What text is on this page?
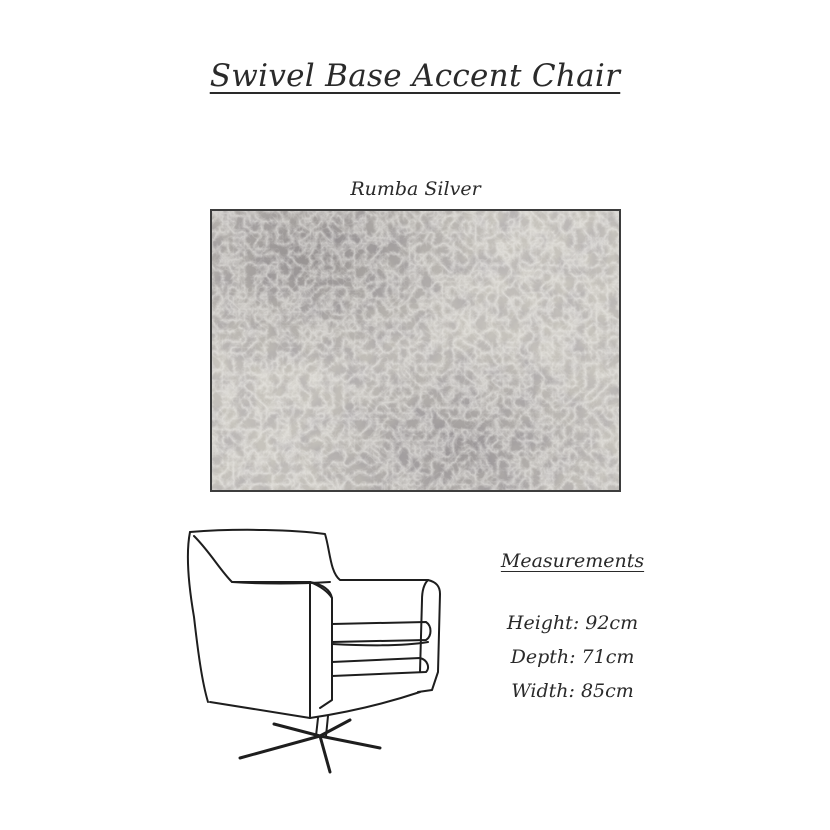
Swivel Base Accent Chair
Rumba Silver
Measurements
Height: 92cm
Depth: 71cm
Width: 85cm
